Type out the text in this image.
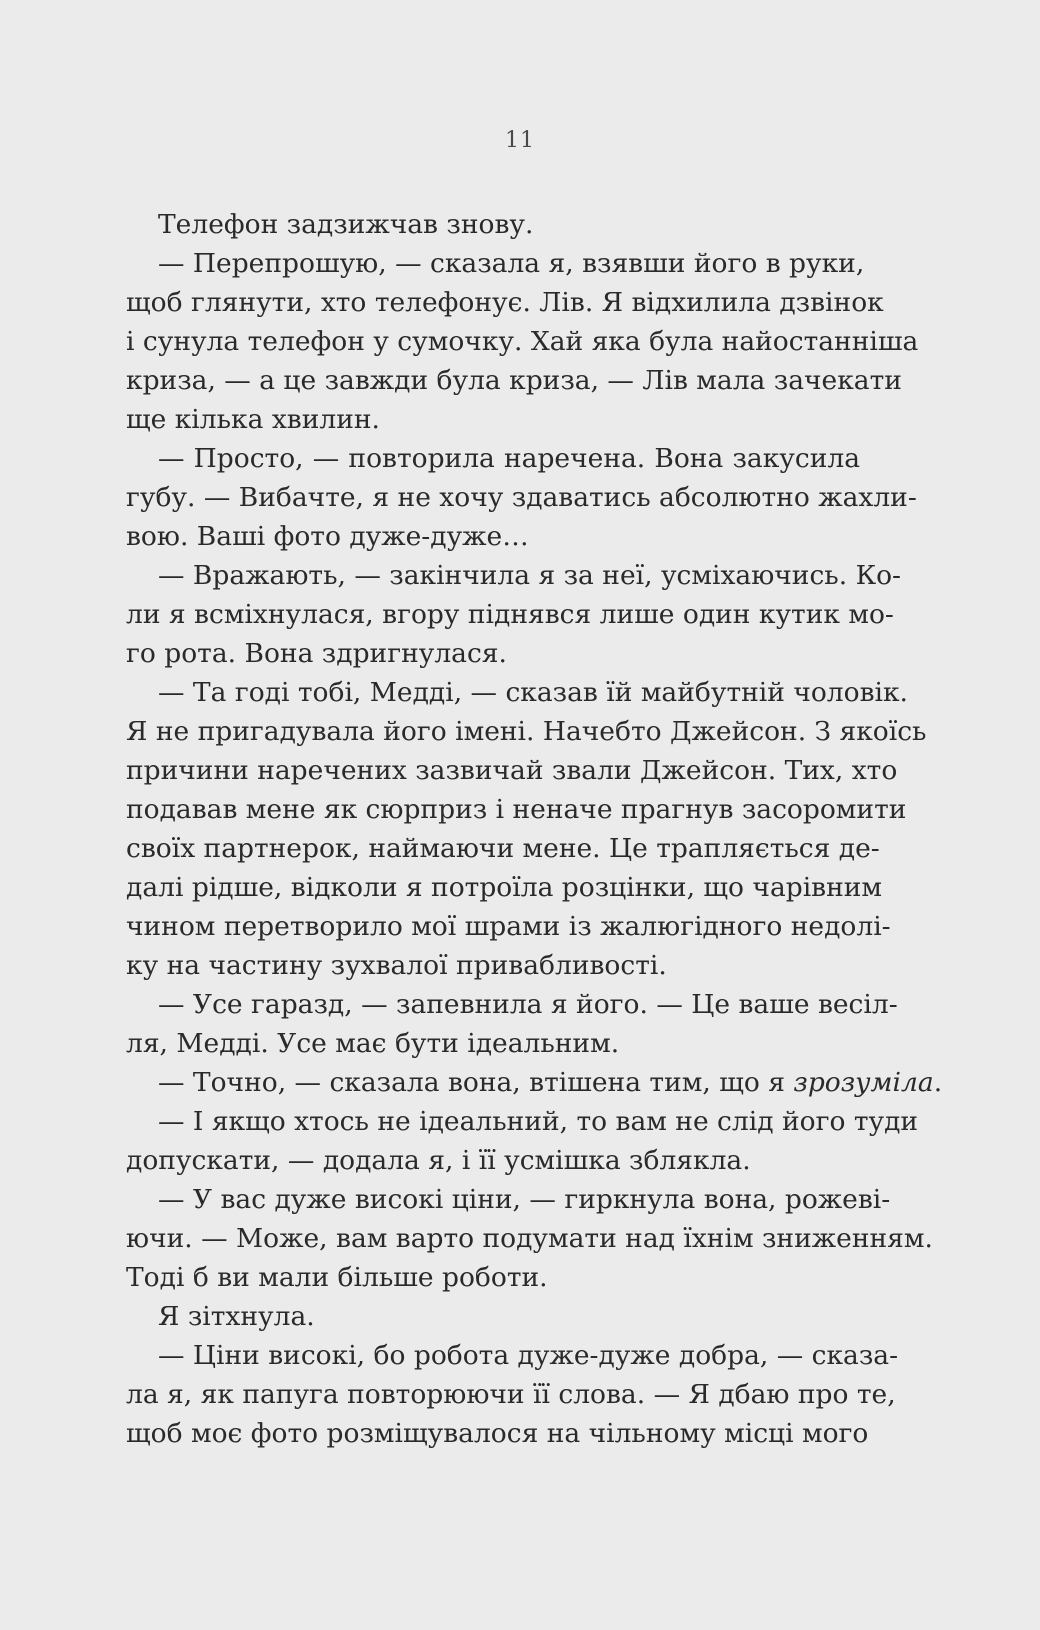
11
Телефон задзижчав знову.
— Перепрошую, — сказала я, взявши його в руки,
щоб глянути, хто телефонує. Лів. Я відхилила дзвінок
і сунула телефон у сумочку. Хай яка була найостанніша
криза, — а це завжди була криза, — Лів мала зачекати
ще кілька хвилин.
— Просто, — повторила наречена. Вона закусила
губу. — Вибачте, я не хочу здаватись абсолютно жахли-
вою. Ваші фото дуже-дуже…
— Вражають, — закінчила я за неї, усміхаючись. Ко-
ли я всміхнулася, вгору піднявся лише один кутик мо-
го рота. Вона здригнулася.
— Та годі тобі, Медді, — сказав їй майбутній чоловік.
Я не пригадувала його імені. Начебто Джейсон. З якоїсь
причини наречених зазвичай звали Джейсон. Тих, хто
подавав мене як сюрприз і неначе прагнув засоромити
своїх партнерок, наймаючи мене. Це трапляється де-
далі рідше, відколи я потроїла розцінки, що чарівним
чином перетворило мої шрами із жалюгідного недолі-
ку на частину зухвалої привабливості.
— Усе гаразд, — запевнила я його. — Це ваше весіл-
ля, Медді. Усе має бути ідеальним.
— Точно, — сказала вона, втішена тим, що я зрозуміла.
— І якщо хтось не ідеальний, то вам не слід його туди
допускати, — додала я, і її усмішка зблякла.
— У вас дуже високі ціни, — гиркнула вона, рожеві-
ючи. — Може, вам варто подумати над їхнім зниженням.
Тоді б ви мали більше роботи.
Я зітхнула.
— Ціни високі, бо робота дуже-дуже добра, — сказа-
ла я, як папуга повторюючи її слова. — Я дбаю про те,
щоб моє фото розміщувалося на чільному місці мого
